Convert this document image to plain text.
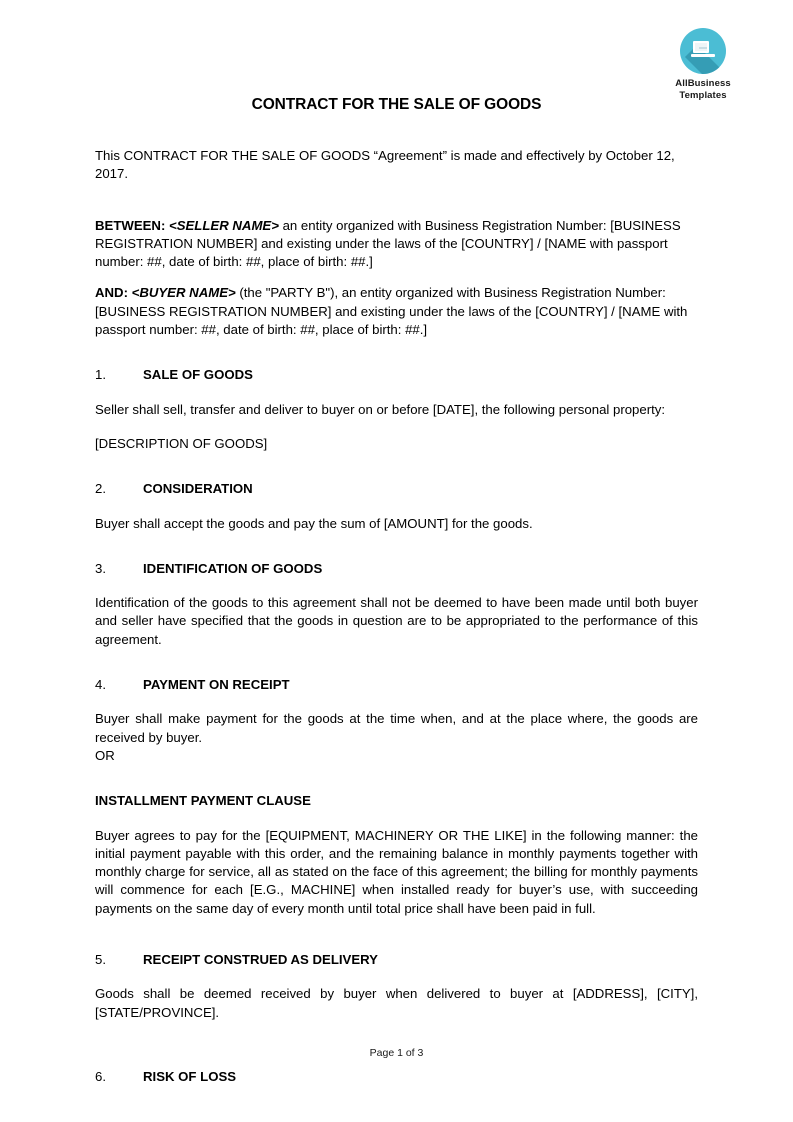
AllBusiness
Templates
CONTRACT FOR THE SALE OF GOODS

This CONTRACT FOR THE SALE OF GOODS “Agreement” is made and effectively by October 12, 2017.

BETWEEN: <SELLER NAME> an entity organized with Business Registration Number: [BUSINESS REGISTRATION NUMBER] and existing under the laws of the [COUNTRY] / [NAME with passport number: ##, date of birth: ##, place of birth: ##.]

AND: <BUYER NAME> (the "PARTY B"), an entity organized with Business Registration Number: [BUSINESS REGISTRATION NUMBER] and existing under the laws of the [COUNTRY] / [NAME with passport number: ##, date of birth: ##, place of birth: ##.]

1.	SALE OF GOODS

Seller shall sell, transfer and deliver to buyer on or before [DATE], the following personal property:

[DESCRIPTION OF GOODS]

2.	CONSIDERATION

Buyer shall accept the goods and pay the sum of [AMOUNT] for the goods.

3.	IDENTIFICATION OF GOODS

Identification of the goods to this agreement shall not be deemed to have been made until both buyer and seller have specified that the goods in question are to be appropriated to the performance of this agreement.

4.	PAYMENT ON RECEIPT

Buyer shall make payment for the goods at the time when, and at the place where, the goods are received by buyer.

OR

INSTALLMENT PAYMENT CLAUSE

Buyer agrees to pay for the [EQUIPMENT, MACHINERY OR THE LIKE] in the following manner: the initial payment payable with this order, and the remaining balance in monthly payments together with monthly charge for service, all as stated on the face of this agreement; the billing for monthly payments will commence for each [E.G., MACHINE] when installed ready for buyer’s use, with succeeding payments on the same day of every month until total price shall have been paid in full.

5.	RECEIPT CONSTRUED AS DELIVERY

Goods shall be deemed received by buyer when delivered to buyer at [ADDRESS], [CITY], [STATE/PROVINCE].

6.	RISK OF LOSS

Page 1 of 3
